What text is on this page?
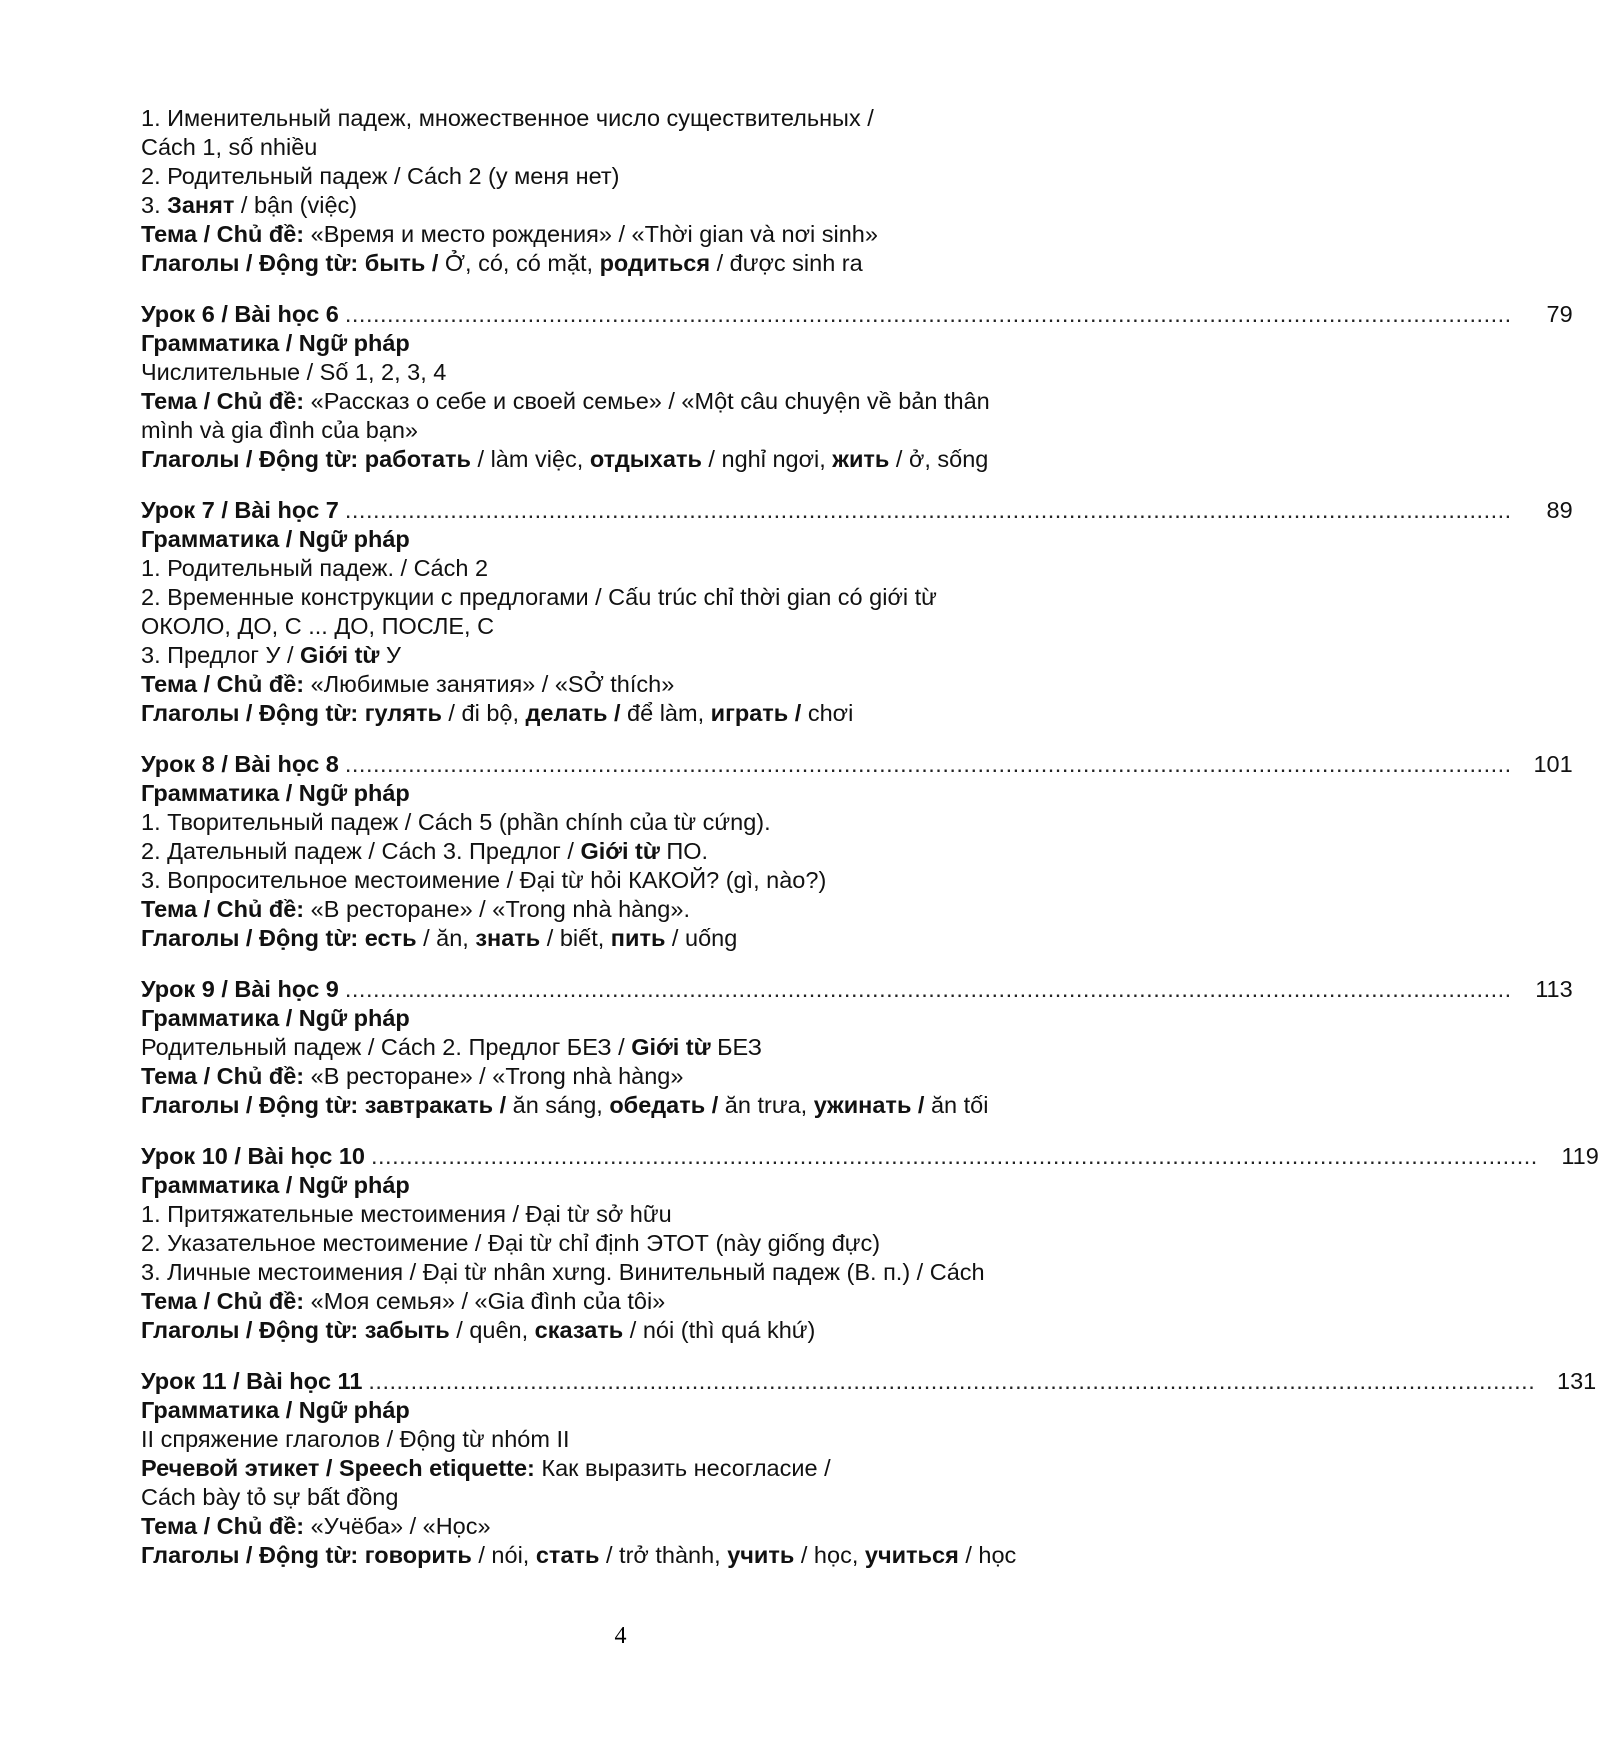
1. Именительный падеж, множественное число существительных /
Cách 1, số nhiều
2. Родительный падеж / Cách 2 (у меня нет)
3. Занят / bận (việc)
Тема / Chủ đề: «Время и место рождения» / «Thời gian và nơi sinh»
Глаголы / Động từ: быть / Ở, có, có mặt, родиться / được sinh ra
Урок 6 / Bài học 6 ......................................................................................................................................................................	79
Грамматика / Ngữ pháp
Числительные / Số 1, 2, 3, 4
Тема / Chủ đề: «Рассказ о себе и своей семье» / «Một câu chuyện về bản thân
mình và gia đình của bạn»
Глаголы / Động từ: работать / làm việc, отдыхать / nghỉ ngơi, жить / ở, sống
Урок 7 / Bài học 7 ......................................................................................................................................................................	89
Грамматика / Ngữ pháp
1. Родительный падеж. / Cách 2
2. Временные конструкции с предлогами / Cấu trúc chỉ thời gian có giới từ
ОКОЛО, ДО, С ... ДО, ПОСЛЕ, С
3. Предлог У / Giới từ У
Тема / Chủ đề: «Любимые занятия» / «SỞ thích»
Глаголы / Động từ: гулять / đi bộ, делать / để làm, играть / chơi
Урок 8 / Bài học 8 ...................................................................................................................................................................... 101
Грамматика / Ngữ pháp
1. Творительный падеж / Cách 5 (phần chính của từ cứng).
2. Дательный падеж / Cách 3. Предлог / Giới từ ПО.
3. Вопросительное местоимение / Đại từ hỏi КАКОЙ? (gì, nào?)
Тема / Chủ đề: «В ресторане» / «Trong nhà hàng».
Глаголы / Động từ: есть / ăn, знать / biết, пить / uống
Урок 9 / Bài học 9 ......................................................................................................................................................................	113
Грамматика / Ngữ pháp
Родительный падеж / Cách 2. Предлог БЕЗ / Giới từ БЕЗ
Тема / Chủ đề: «В ресторане» / «Trong nhà hàng»
Глаголы / Động từ: завтракать / ăn sáng, обедать / ăn trưa, ужинать / ăn tối
Урок 10 / Bài học 10 ......................................................................................................................................................................	119
Грамматика / Ngữ pháp
1. Притяжательные местоимения / Đại từ sở hữu
2. Указательное местоимение / Đại từ chỉ định ЭТОТ (này giống đực)
3. Личные местоимения / Đại từ nhân xưng. Винительный падеж (В. п.) / Cách
Тема / Chủ đề: «Моя семья» / «Gia đình của tôi»
Глаголы / Động từ: забыть / quên, сказать / nói (thì quá khứ)
Урок 11 / Bài học 11 ...................................................................................................................................................................... 131
Грамматика / Ngữ pháp
II спряжение глаголов / Động từ nhóm II
Речевой этикет / Speech etiquette: Как выразить несогласие /
Cách bày tỏ sự bất đồng
Тема / Chủ đề: «Учёба» / «Học»
Глаголы / Động từ: говорить / nói, стать / trở thành, учить / học, учиться / học
4
